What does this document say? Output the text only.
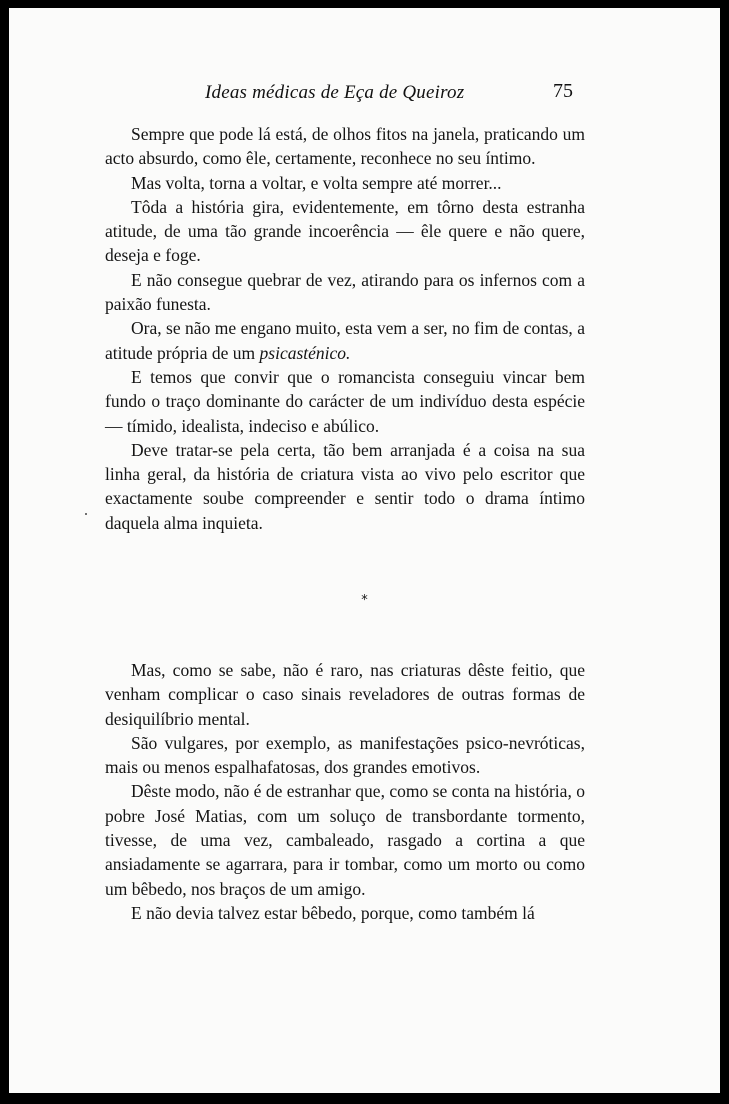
Ideas médicas de Eça de Queiroz	75

Sempre que pode lá está, de olhos fitos na janela, praticando um acto absurdo, como êle, certamente, reconhece no seu íntimo.

Mas volta, torna a voltar, e volta sempre até morrer...

Tôda a história gira, evidentemente, em tôrno desta estranha atitude, de uma tão grande incoerência — êle quere e não quere, deseja e foge.

E não consegue quebrar de vez, atirando para os infernos com a paixão funesta.

Ora, se não me engano muito, esta vem a ser, no fim de contas, a atitude própria de um psicasténico.

E temos que convir que o romancista conseguiu vincar bem fundo o traço dominante do carácter de um indivíduo desta espécie — tímido, idealista, indeciso e abúlico.

Deve tratar-se pela certa, tão bem arranjada é a coisa na sua linha geral, da história de criatura vista ao vivo pelo escritor que exactamente soube compreender e sentir todo o drama íntimo daquela alma inquieta.

*

Mas, como se sabe, não é raro, nas criaturas dêste feitio, que venham complicar o caso sinais reveladores de outras formas de desiquilíbrio mental.

São vulgares, por exemplo, as manifestações psico-nevróticas, mais ou menos espalhafatosas, dos grandes emotivos.

Dêste modo, não é de estranhar que, como se conta na história, o pobre José Matias, com um soluço de transbordante tormento, tivesse, de uma vez, cambaleado, rasgado a cortina a que ansiadamente se agarrara, para ir tombar, como um morto ou como um bêbedo, nos braços de um amigo.

E não devia talvez estar bêbedo, porque, como também lá
